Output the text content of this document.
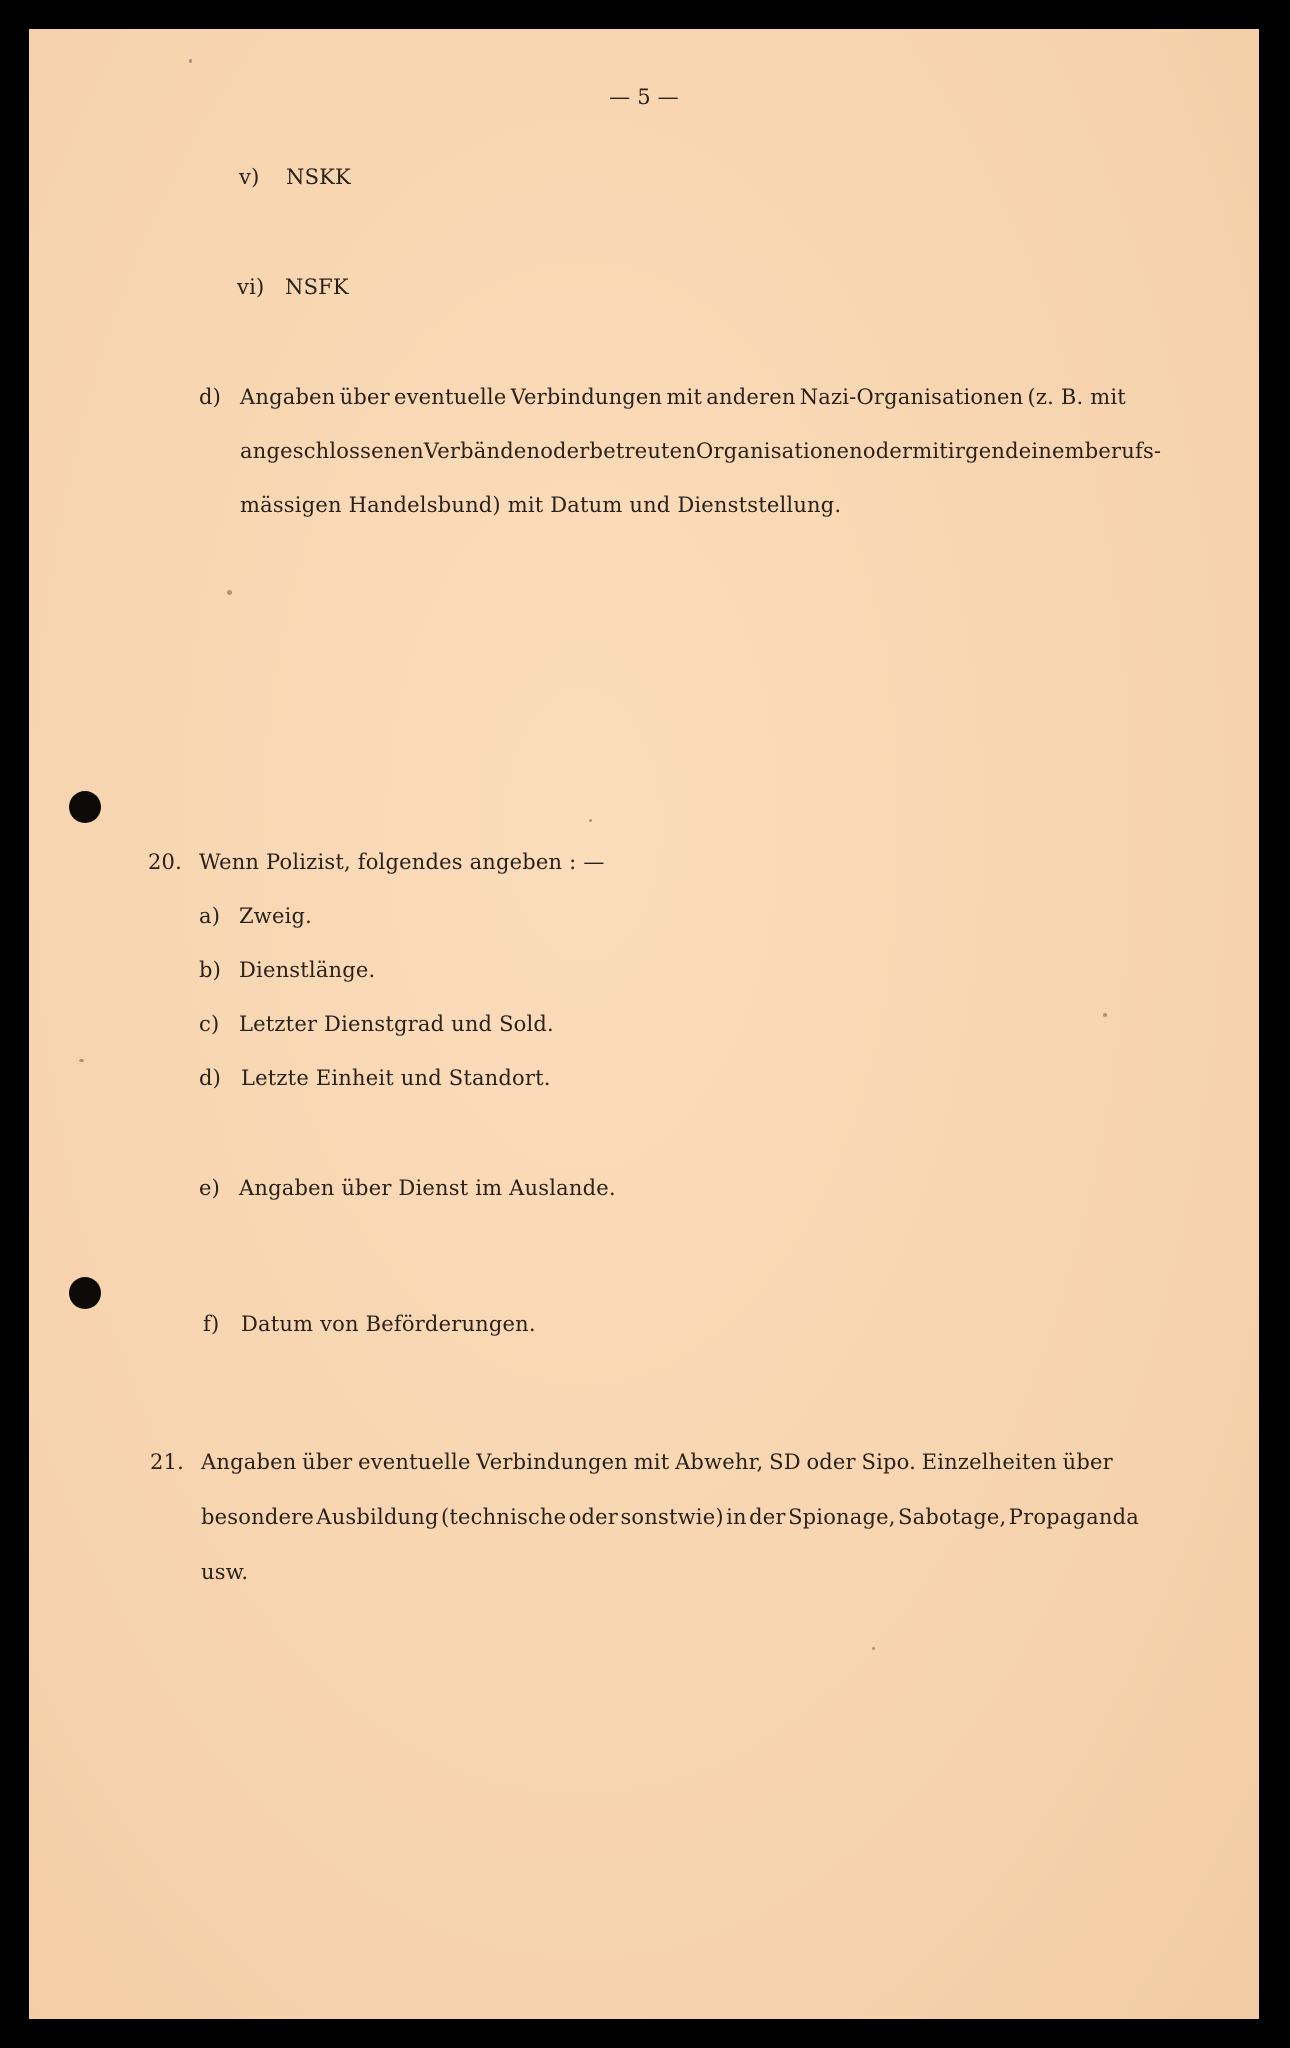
— 5 —
v) NSKK
vi) NSFK
d) Angaben über eventuelle Verbindungen mit anderen Nazi-Organisationen (z. B. mit
angeschlossenen Verbänden oder betreuten Organisationen oder mit irgendeinem berufs-
mässigen Handelsbund) mit Datum und Dienststellung.
20. Wenn Polizist, folgendes angeben : —
a) Zweig.
b) Dienstlänge.
c) Letzter Dienstgrad und Sold.
d) Letzte Einheit und Standort.
e) Angaben über Dienst im Auslande.
f) Datum von Beförderungen.
21. Angaben über eventuelle Verbindungen mit Abwehr, SD oder Sipo. Einzelheiten über
besondere Ausbildung (technische oder sonstwie) in der Spionage, Sabotage, Propaganda
usw.
